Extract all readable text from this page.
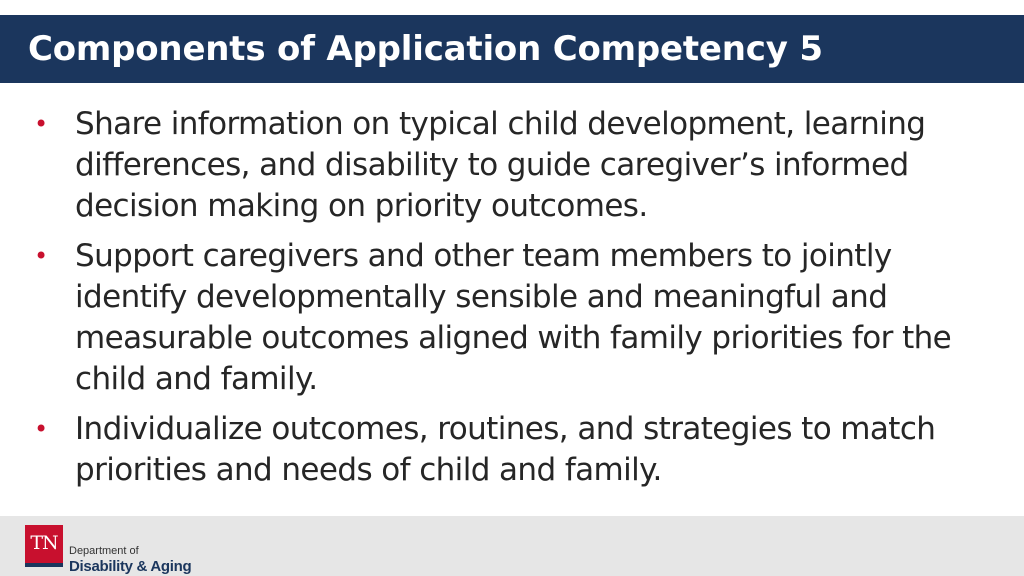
Components of Application Competency 5
• Share information on typical child development, learning differences, and disability to guide caregiver’s informed decision making on priority outcomes.
• Support caregivers and other team members to jointly identify developmentally sensible and meaningful and measurable outcomes aligned with family priorities for the child and family.
• Individualize outcomes, routines, and strategies to match priorities and needs of child and family.
TN	Department of
Disability & Aging
